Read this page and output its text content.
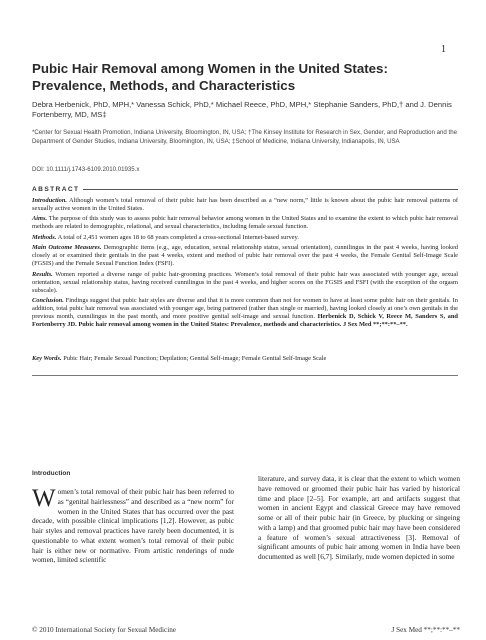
1
Pubic Hair Removal among Women in the United States: Prevalence, Methods, and Characteristics
Debra Herbenick, PhD, MPH,* Vanessa Schick, PhD,* Michael Reece, PhD, MPH,* Stephanie Sanders, PhD,† and J. Dennis Fortenberry, MD, MS‡
*Center for Sexual Health Promotion, Indiana University, Bloomington, IN, USA; †The Kinsey Institute for Research in Sex, Gender, and Reproduction and the Department of Gender Studies, Indiana University, Bloomington, IN, USA; ‡School of Medicine, Indiana University, Indianapolis, IN, USA
DOI: 10.1111/j.1743-6109.2010.01935.x
ABSTRACT

Introduction. Although women’s total removal of their pubic hair has been described as a “new norm,” little is known about the pubic hair removal patterns of sexually active women in the United States.

Aims. The purpose of this study was to assess pubic hair removal behavior among women in the United States and to examine the extent to which pubic hair removal methods are related to demographic, relational, and sexual characteristics, including female sexual function.

Methods. A total of 2,451 women ages 18 to 68 years completed a cross-sectional Internet-based survey.

Main Outcome Measures. Demographic items (e.g., age, education, sexual relationship status, sexual orientation), cunnilingus in the past 4 weeks, having looked closely at or examined their genitals in the past 4 weeks, extent and method of pubic hair removal over the past 4 weeks, the Female Genital Self-Image Scale (FGSIS) and the Female Sexual Function Index (FSFI).

Results. Women reported a diverse range of pubic hair-grooming practices. Women’s total removal of their pubic hair was associated with younger age, sexual orientation, sexual relationship status, having received cunnilingus in the past 4 weeks, and higher scores on the FGSIS and FSFI (with the exception of the orgasm subscale).

Conclusion. Findings suggest that pubic hair styles are diverse and that it is more common than not for women to have at least some pubic hair on their genitals. In addition, total pubic hair removal was associated with younger age, being partnered (rather than single or married), having looked closely at one’s own genitals in the previous month, cunnilingus in the past month, and more positive genital self-image and sexual function. Herbenick D, Schick V, Reece M, Sanders S, and Fortenberry JD. Pubic hair removal among women in the United States: Prevalence, methods and characteristics. J Sex Med **;**:**–**.

Key Words. Pubic Hair; Female Sexual Function; Depilation; Genital Self-image; Female Genital Self-Image Scale
Introduction
Women’s total removal of their pubic hair has been referred to as “genital hairlessness” and described as a “new norm” for women in the United States that has occurred over the past decade, with possible clinical implications [1,2]. However, as pubic hair styles and removal practices have rarely been documented, it is questionable to what extent women’s total removal of their pubic hair is either new or normative. From artistic renderings of nude women, limited scientific
literature, and survey data, it is clear that the extent to which women have removed or groomed their pubic hair has varied by historical time and place [2–5]. For example, art and artifacts suggest that women in ancient Egypt and classical Greece may have removed some or all of their pubic hair (in Greece, by plucking or singeing with a lamp) and that groomed pubic hair may have been considered a feature of women’s sexual attractiveness [3]. Removal of significant amounts of pubic hair among women in India have been documented as well [6,7]. Similarly, nude women depicted in some
© 2010 International Society for Sexual Medicine	J Sex Med **;**:**–**
